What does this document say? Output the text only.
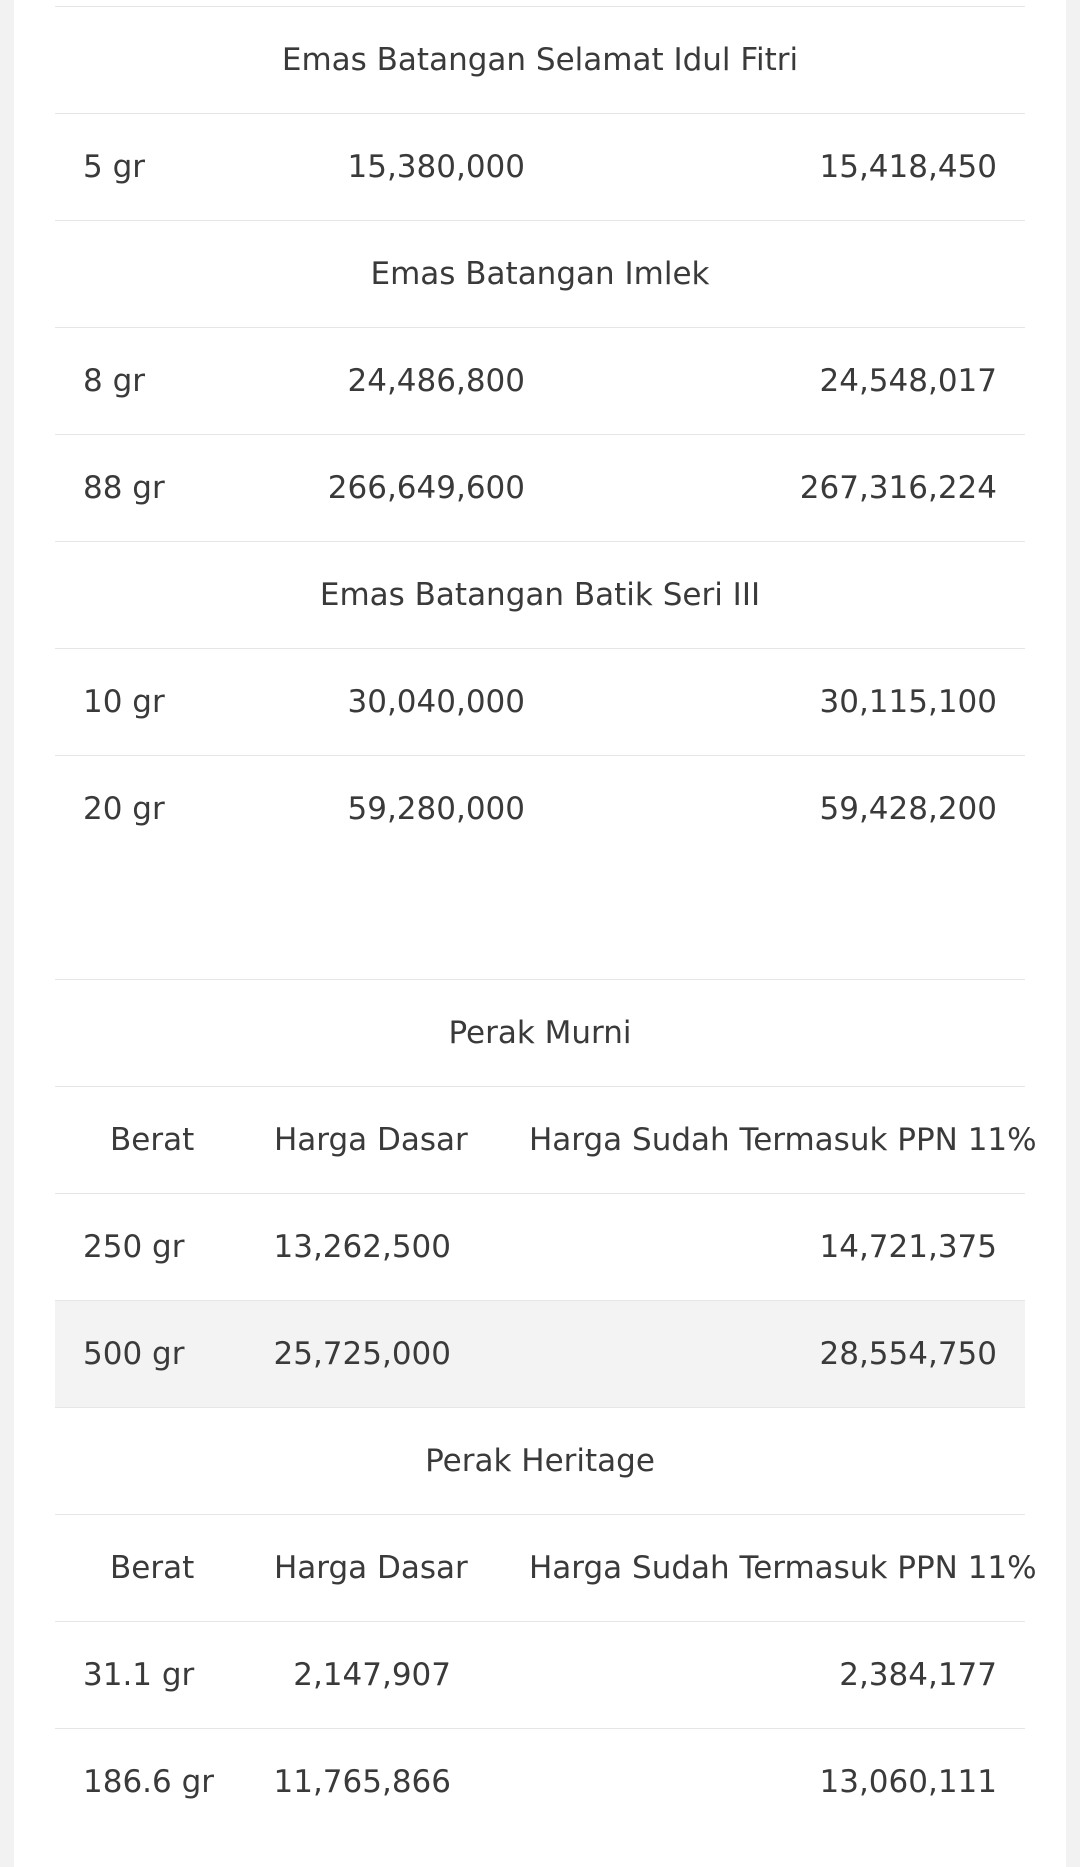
Emas Batangan Selamat Idul Fitri
5 gr	15,380,000	15,418,450
Emas Batangan Imlek
8 gr	24,486,800	24,548,017
88 gr	266,649,600	267,316,224
Emas Batangan Batik Seri III
10 gr	30,040,000	30,115,100
20 gr	59,280,000	59,428,200
Perak Murni
Berat	Harga Dasar Harga Sudah Termasuk PPN 11%
250 gr	13,262,500	14,721,375
500 gr	25,725,000	28,554,750
Perak Heritage
Berat	Harga Dasar Harga Sudah Termasuk PPN 11%
31.1 gr	2,147,907	2,384,177
186.6 gr 11,765,866	13,060,111
